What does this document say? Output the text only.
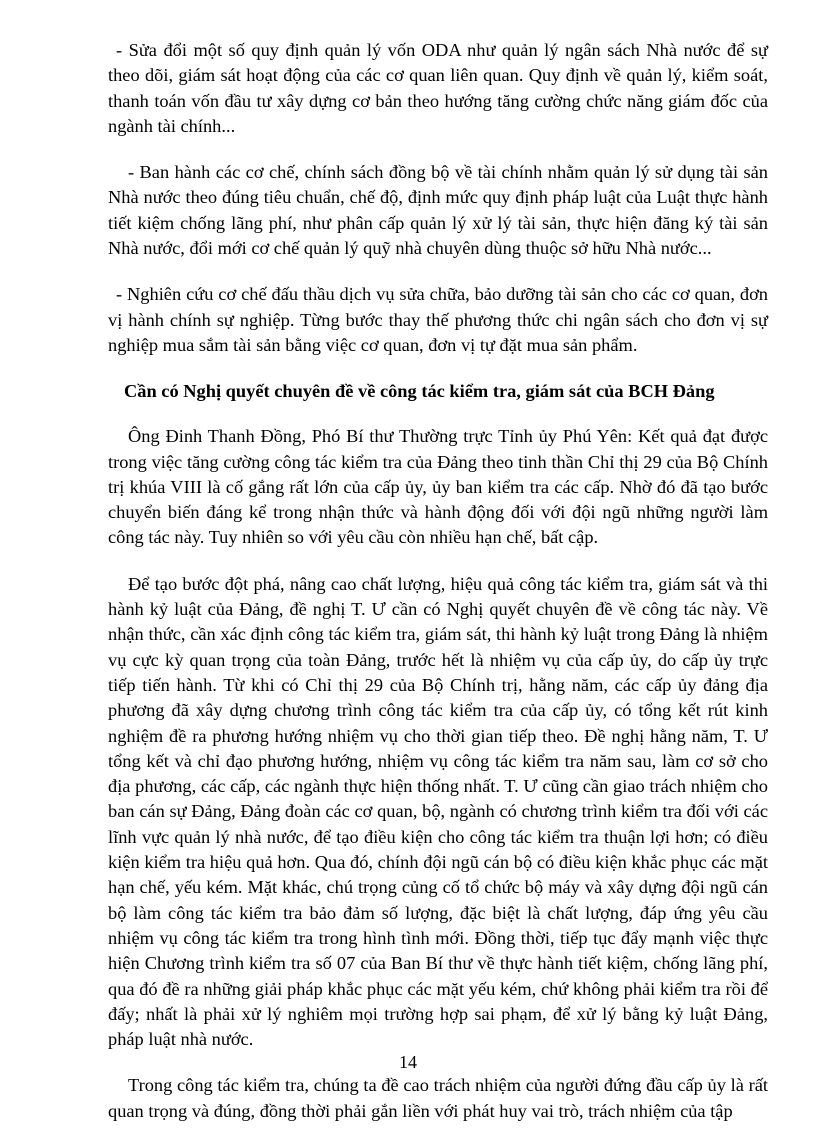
- Sửa đổi một số quy định quản lý vốn ODA như quản lý ngân sách Nhà nước để sự theo dõi, giám sát hoạt động của các cơ quan liên quan. Quy định về quản lý, kiểm soát, thanh toán vốn đầu tư xây dựng cơ bản theo hướng tăng cường chức năng giám đốc của ngành tài chính...

- Ban hành các cơ chế, chính sách đồng bộ về tài chính nhằm quản lý sử dụng tài sản Nhà nước theo đúng tiêu chuẩn, chế độ, định mức quy định pháp luật của Luật thực hành tiết kiệm chống lãng phí, như phân cấp quản lý xử lý tài sản, thực hiện đăng ký tài sản Nhà nước, đổi mới cơ chế quản lý quỹ nhà chuyên dùng thuộc sở hữu Nhà nước...

- Nghiên cứu cơ chế đấu thầu dịch vụ sửa chữa, bảo dưỡng tài sản cho các cơ quan, đơn vị hành chính sự nghiệp. Từng bước thay thế phương thức chi ngân sách cho đơn vị sự nghiệp mua sắm tài sản bằng việc cơ quan, đơn vị tự đặt mua sản phẩm.

Cần có Nghị quyết chuyên đề về công tác kiểm tra, giám sát của BCH Đảng

Ông Đinh Thanh Đồng, Phó Bí thư Thường trực Tỉnh ủy Phú Yên: Kết quả đạt được trong việc tăng cường công tác kiểm tra của Đảng theo tinh thần Chỉ thị 29 của Bộ Chính trị khúa VIII là cố gắng rất lớn của cấp ủy, ủy ban kiểm tra các cấp. Nhờ đó đã tạo bước chuyển biến đáng kể trong nhận thức và hành động đối với đội ngũ những người làm công tác này. Tuy nhiên so với yêu cầu còn nhiều hạn chế, bất cập.

Để tạo bước đột phá, nâng cao chất lượng, hiệu quả công tác kiểm tra, giám sát và thi hành kỷ luật của Đảng, đề nghị T. Ư cần có Nghị quyết chuyên đề về công tác này. Về nhận thức, cần xác định công tác kiểm tra, giám sát, thi hành kỷ luật trong Đảng là nhiệm vụ cực kỳ quan trọng của toàn Đảng, trước hết là nhiệm vụ của cấp ủy, do cấp ủy trực tiếp tiến hành. Từ khi có Chỉ thị 29 của Bộ Chính trị, hằng năm, các cấp ủy đảng địa phương đã xây dựng chương trình công tác kiểm tra của cấp ủy, có tổng kết rút kinh nghiệm đề ra phương hướng nhiệm vụ cho thời gian tiếp theo. Đề nghị hằng năm, T. Ư tổng kết và chỉ đạo phương hướng, nhiệm vụ công tác kiểm tra năm sau, làm cơ sở cho địa phương, các cấp, các ngành thực hiện thống nhất. T. Ư cũng cần giao trách nhiệm cho ban cán sự Đảng, Đảng đoàn các cơ quan, bộ, ngành có chương trình kiểm tra đối với các lĩnh vực quản lý nhà nước, để tạo điều kiện cho công tác kiểm tra thuận lợi hơn; có điều kiện kiểm tra hiệu quả hơn. Qua đó, chính đội ngũ cán bộ có điều kiện khắc phục các mặt hạn chế, yếu kém. Mặt khác, chú trọng củng cố tổ chức bộ máy và xây dựng đội ngũ cán bộ làm công tác kiểm tra bảo đảm số lượng, đặc biệt là chất lượng, đáp ứng yêu cầu nhiệm vụ công tác kiểm tra trong hình tình mới. Đồng thời, tiếp tục đẩy mạnh việc thực hiện Chương trình kiểm tra số 07 của Ban Bí thư về thực hành tiết kiệm, chống lãng phí, qua đó đề ra những giải pháp khắc phục các mặt yếu kém, chứ không phải kiểm tra rồi để đấy; nhất là phải xử lý nghiêm mọi trường hợp sai phạm, để xử lý bằng kỷ luật Đảng, pháp luật nhà nước.

Trong công tác kiểm tra, chúng ta đề cao trách nhiệm của người đứng đầu cấp ủy là rất quan trọng và đúng, đồng thời phải gắn liền với phát huy vai trò, trách nhiệm của tập

14
